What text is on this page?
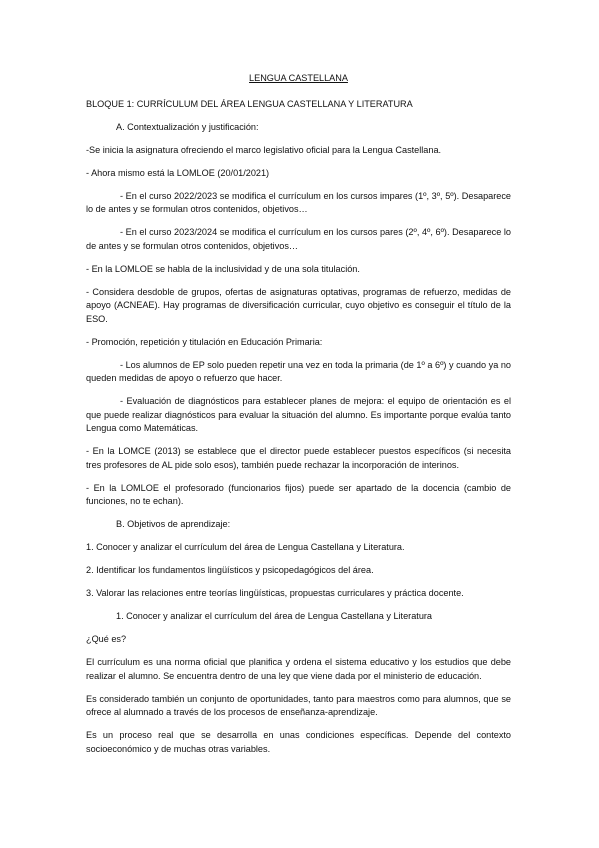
LENGUA CASTELLANA

BLOQUE 1: CURRÍCULUM DEL ÁREA LENGUA CASTELLANA Y LITERATURA

A. Contextualización y justificación:

-Se inicia la asignatura ofreciendo el marco legislativo oficial para la Lengua Castellana.

- Ahora mismo está la LOMLOE (20/01/2021)

- En el curso 2022/2023 se modifica el currículum en los cursos impares (1º, 3º, 5º). Desaparece lo de antes y se formulan otros contenidos, objetivos…

- En el curso 2023/2024 se modifica el currículum en los cursos pares (2º, 4º, 6º). Desaparece lo de antes y se formulan otros contenidos, objetivos…

- En la LOMLOE se habla de la inclusividad y de una sola titulación.

- Considera desdoble de grupos, ofertas de asignaturas optativas, programas de refuerzo, medidas de apoyo (ACNEAE). Hay programas de diversificación curricular, cuyo objetivo es conseguir el título de la ESO.

- Promoción, repetición y titulación en Educación Primaria:

- Los alumnos de EP solo pueden repetir una vez en toda la primaria (de 1º a 6º) y cuando ya no queden medidas de apoyo o refuerzo que hacer.

- Evaluación de diagnósticos para establecer planes de mejora: el equipo de orientación es el que puede realizar diagnósticos para evaluar la situación del alumno. Es importante porque evalúa tanto Lengua como Matemáticas.

- En la LOMCE (2013) se establece que el director puede establecer puestos específicos (si necesita tres profesores de AL pide solo esos), también puede rechazar la incorporación de interinos.

- En la LOMLOE el profesorado (funcionarios fijos) puede ser apartado de la docencia (cambio de funciones, no te echan).

B. Objetivos de aprendizaje:

1. Conocer y analizar el currículum del área de Lengua Castellana y Literatura.

2. Identificar los fundamentos lingüísticos y psicopedagógicos del área.

3. Valorar las relaciones entre teorías lingüísticas, propuestas curriculares y práctica docente.

1. Conocer y analizar el currículum del área de Lengua Castellana y Literatura

¿Qué es?

El currículum es una norma oficial que planifica y ordena el sistema educativo y los estudios que debe realizar el alumno. Se encuentra dentro de una ley que viene dada por el ministerio de educación.

Es considerado también un conjunto de oportunidades, tanto para maestros como para alumnos, que se ofrece al alumnado a través de los procesos de enseñanza-aprendizaje.

Es un proceso real que se desarrolla en unas condiciones específicas. Depende del contexto socioeconómico y de muchas otras variables.
